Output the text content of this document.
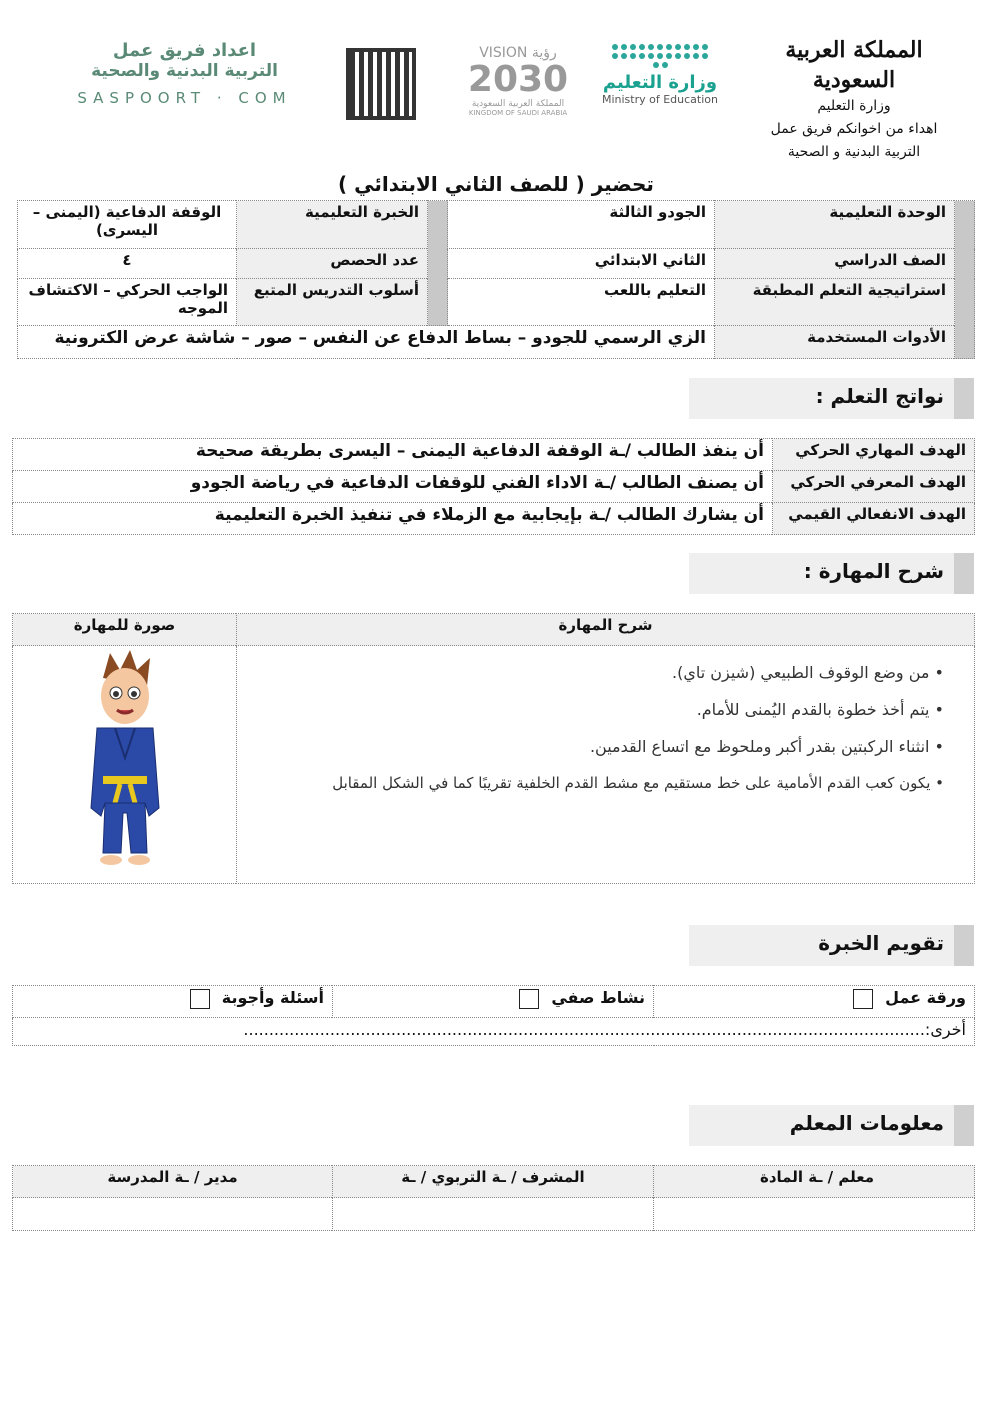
المملكة العربية السعودية
وزارة التعليم
اهداء من اخوانكم فريق عمل
التربية البدنية و الصحية
وزارة التعليم
Ministry of Education
VISION رؤية
2030
المملكة العربية السعودية
KINGDOM OF SAUDI ARABIA
اعداد فريق عمل
التربية البدنية والصحية
SASPOORT · COM
تحضير ( للصف الثاني الابتدائي )
	الوحدة التعليمية	الجودو الثالثة		الخبرة التعليمية	الوقفة الدفاعية (اليمنى – اليسرى)
	الصف الدراسي	الثاني الابتدائي		عدد الحصص	٤
	استراتيجية التعلم المطبقة	التعليم باللعب		أسلوب التدريس المتبع	الواجب الحركي – الاكتشاف الموجه
	الأدوات المستخدمة	الزي الرسمي للجودو – بساط الدفاع عن النفس – صور – شاشة عرض الكترونية			
نواتج التعلم :
الهدف المهاري الحركي	أن ينفذ الطالب /ـة الوقفة الدفاعية اليمنى – اليسرى بطريقة صحيحة
الهدف المعرفي الحركي	أن يصنف الطالب /ـة الاداء الفني للوقفات الدفاعية في رياضة الجودو
الهدف الانفعالي القيمي	أن يشارك الطالب /ـة بإيجابية مع الزملاء في تنفيذ الخبرة التعليمية
شرح المهارة :
شرح المهارة	صورة للمهارة

• من وضع الوقوف الطبيعي (شيزن تاي).
• يتم أخذ خطوة بالقدم اليُمنى للأمام.
• انثناء الركبتين بقدر أكبر وملحوظ مع اتساع القدمين.
• يكون كعب القدم الأمامية على خط مستقيم مع مشط القدم الخلفية تقريبًا كما في الشكل المقابل

تقويم الخبرة
ورقة عمل	نشاط صفي	أسئلة وأجوبة
أخرى:......................................................................................................................................
معلومات المعلم
معلم / ـة المادة	المشرف / ـة التربوي / ـة	مدير / ـة المدرسة
